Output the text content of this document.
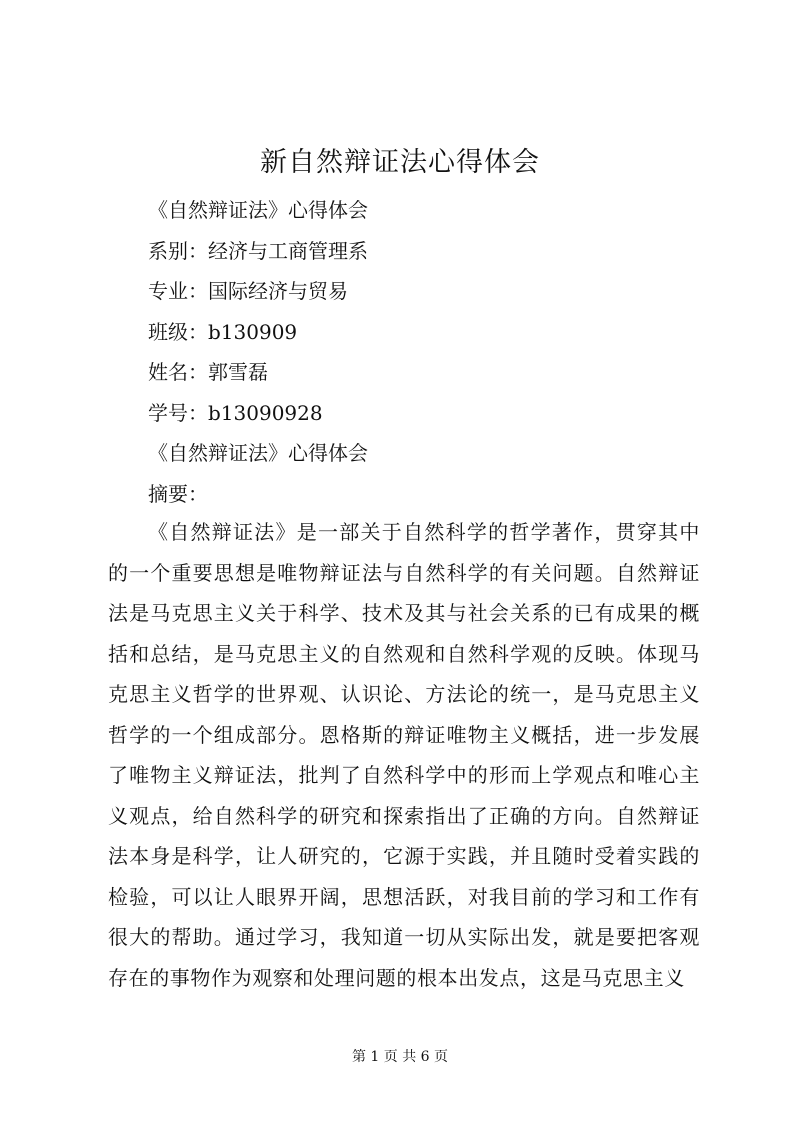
新自然辩证法心得体会
《自然辩证法》心得体会
系别：经济与工商管理系
专业：国际经济与贸易
班级：b130909
姓名：郭雪磊
学号：b13090928
《自然辩证法》心得体会
摘要：

《自然辩证法》是一部关于自然科学的哲学著作，贯穿其中的一个重要思想是唯物辩证法与自然科学的有关问题。自然辩证法是马克思主义关于科学、技术及其与社会关系的已有成果的概括和总结，是马克思主义的自然观和自然科学观的反映。体现马克思主义哲学的世界观、认识论、方法论的统一，是马克思主义哲学的一个组成部分。恩格斯的辩证唯物主义概括，进一步发展了唯物主义辩证法，批判了自然科学中的形而上学观点和唯心主义观点，给自然科学的研究和探索指出了正确的方向。自然辩证法本身是科学，让人研究的，它源于实践，并且随时受着实践的检验，可以让人眼界开阔，思想活跃，对我目前的学习和工作有很大的帮助。通过学习，我知道一切从实际出发，就是要把客观存在的事物作为观察和处理问题的根本出发点，这是马克思主义

第 1 页 共 6 页
